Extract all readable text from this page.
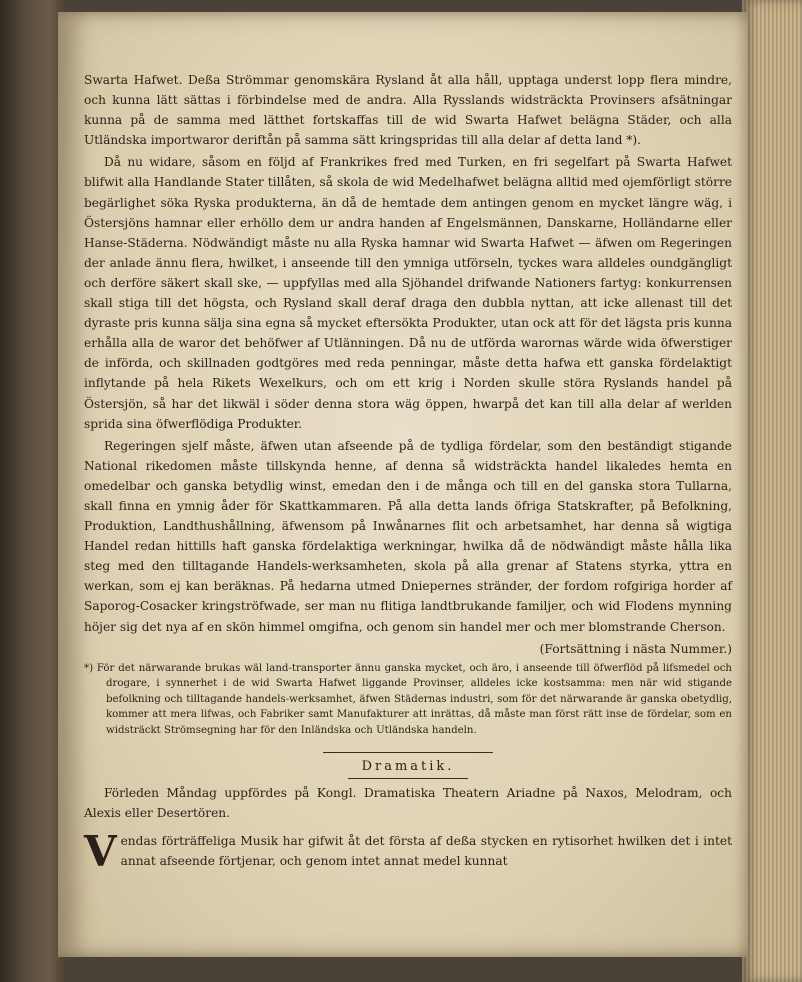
Swarta Hafwet. Deßa Strömmar genomskära Rysland åt alla håll, upptaga underst lopp flera mindre, och kunna lätt sättas i förbindelse med de andra. Alla Rysslands widsträckta Provinsers afsätningar kunna på de samma med lätthet fortskaffas till de wid Swarta Hafwet belägna Städer, och alla Utländska importwaror deriftån på samma sätt kringspridas till alla delar af detta land *).

Då nu widare, såsom en följd af Frankrikes fred med Turken, en fri segelfart på Swarta Hafwet blifwit alla Handlande Stater tillåten, så skola de wid Medelhafwet belägna alltid med ojemförligt större begärlighet söka Ryska produkterna, än då de hemtade dem antingen genom en mycket längre wäg, i Östersjöns hamnar eller erhöllo dem ur andra handen af Engelsmännen, Danskarne, Holländarne eller Hanse-Städerna. Nödwändigt måste nu alla Ryska hamnar wid Swarta Hafwet — äfwen om Regeringen der anlade ännu flera, hwilket, i anseende till den ymniga utförseln, tyckes wara alldeles oundgängligt och derföre säkert skall ske, — uppfyllas med alla Sjöhandel drifwande Nationers fartyg: konkurrensen skall stiga till det högsta, och Rysland skall deraf draga den dubbla nyttan, att icke allenast till det dyraste pris kunna sälja sina egna så mycket eftersökta Produkter, utan ock att för det lägsta pris kunna erhålla alla de waror det behöfwer af Utlänningen. Då nu de utförda warornas wärde wida öfwerstiger de införda, och skillnaden godtgöres med reda penningar, måste detta hafwa ett ganska fördelaktigt inflytande på hela Rikets Wexelkurs, och om ett krig i Norden skulle störa Ryslands handel på Östersjön, så har det likwäl i söder denna stora wäg öppen, hwarpå det kan till alla delar af werlden sprida sina öfwerflödiga Produkter.

Regeringen sjelf måste, äfwen utan afseende på de tydliga fördelar, som den beständigt stigande National rikedomen måste tillskynda henne, af denna så widsträckta handel likaledes hemta en omedelbar och ganska betydlig winst, emedan den i de många och till en del ganska stora Tullarna, skall finna en ymnig åder för Skattkammaren. På alla detta lands öfriga Statskrafter, på Befolkning, Produktion, Landthushållning, äfwensom på Inwånarnes flit och arbetsamhet, har denna så wigtiga Handel redan hittills haft ganska fördelaktiga werkningar, hwilka då de nödwändigt måste hålla lika steg med den tilltagande Handels-werksamheten, skola på alla grenar af Statens styrka, yttra en werkan, som ej kan beräknas. På hedarna utmed Dniepernes stränder, der fordom rofgiriga horder af Saporog-Cosacker kringströfwade, ser man nu flitiga landtbrukande familjer, och wid Flodens mynning höjer sig det nya af en skön himmel omgifna, och genom sin handel mer och mer blomstrande Cherson.

(Fortsättning i nästa Nummer.)

*) För det närwarande brukas wäl land-transporter ännu ganska mycket, och äro, i anseende till öfwerflöd på lifsmedel och drogare, i synnerhet i de wid Swarta Hafwet liggande Provinser, alldeles icke kostsamma: men när wid stigande befolkning och tilltagande handels-werksamhet, äfwen Städernas industri, som för det närwarande är ganska obetydlig, kommer att mera lifwas, och Fabriker samt Manufakturer att inrättas, då måste man först rätt inse de fördelar, som en widsträckt Strömsegning har för den Inländska och Utländska handeln.

Dramatik.

Förleden Måndag uppfördes på Kongl. Dramatiska Theatern Ariadne på Naxos, Melodram, och Alexis eller Desertören.

Vendas förträffeliga Musik har gifwit åt det första af deßa stycken en rytisorhet hwilken det i intet annat afseende förtjenar, och genom intet annat medel kunnat
